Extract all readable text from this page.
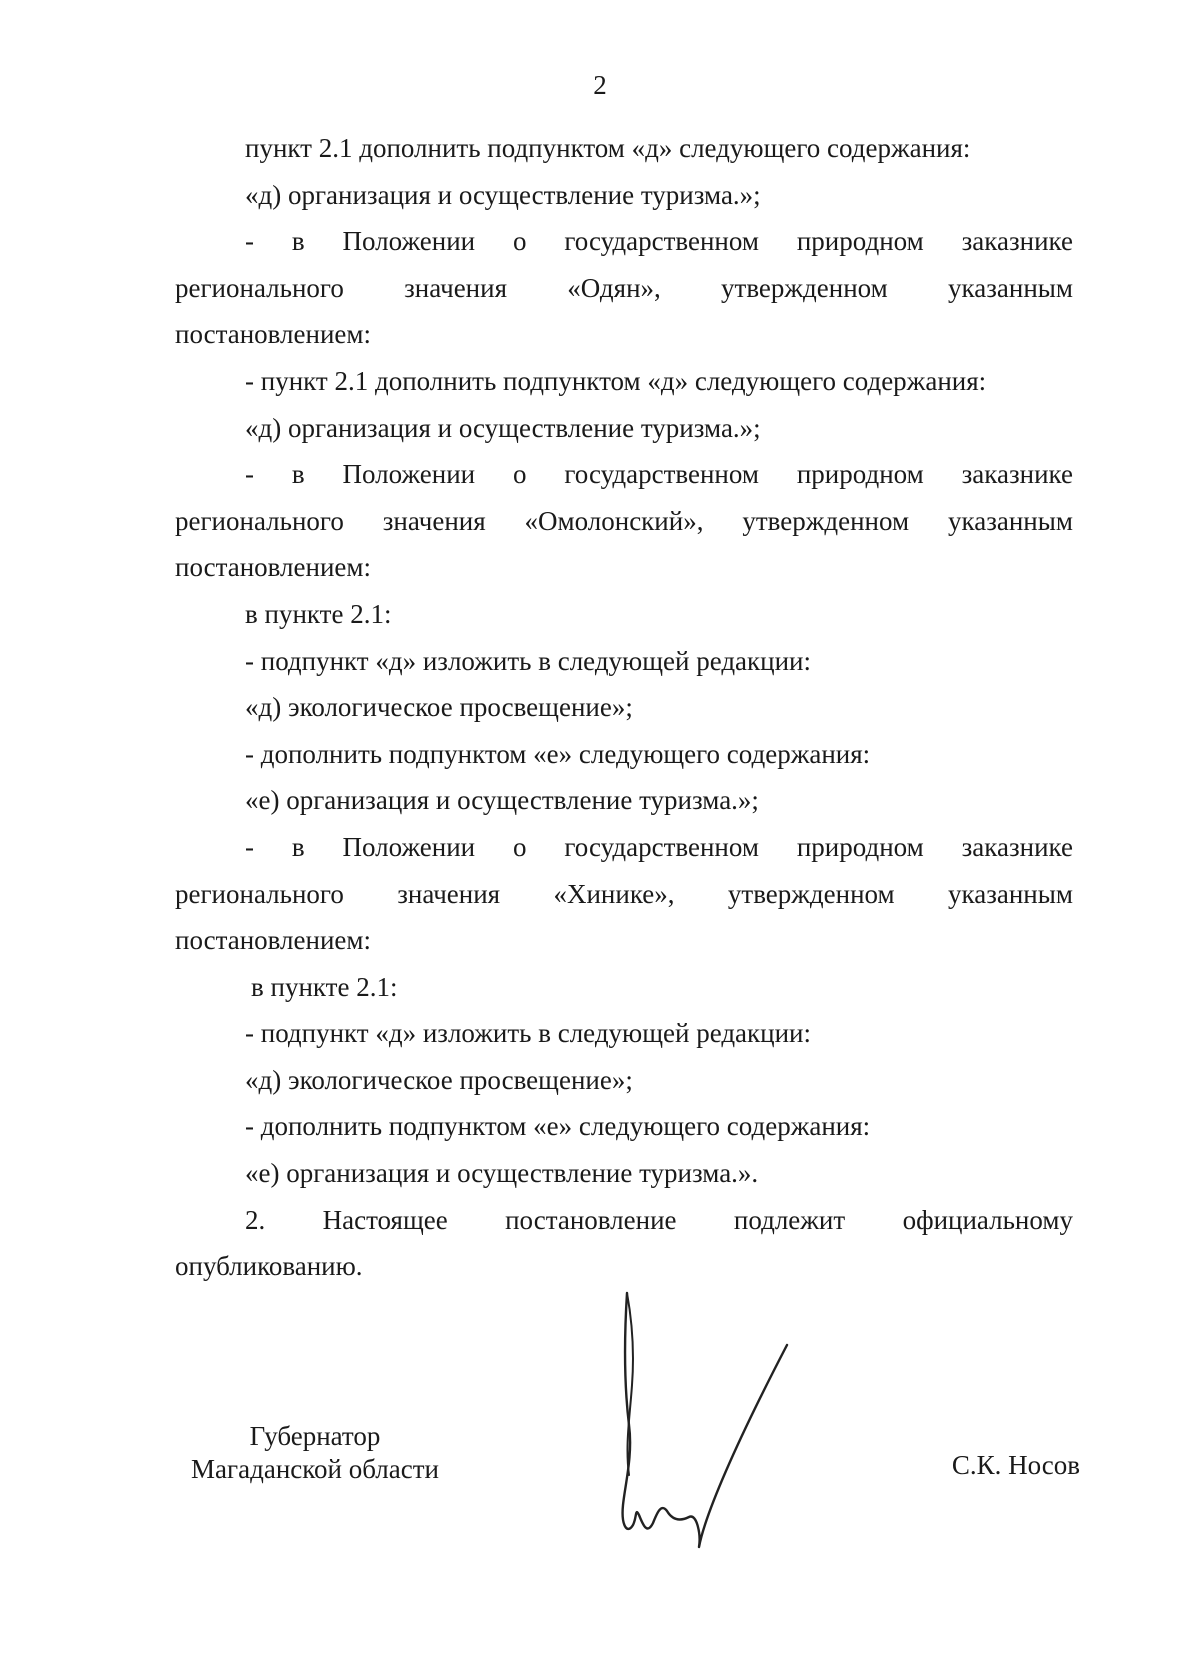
2
пункт 2.1 дополнить подпунктом «д» следующего содержания:
«д) организация и осуществление туризма.»;
- в Положении о государственном природном заказнике
регионального значения «Одян», утвержденном указанным
постановлением:
- пункт 2.1 дополнить подпунктом «д» следующего содержания:
«д) организация и осуществление туризма.»;
- в Положении о государственном природном заказнике
регионального значения «Омолонский», утвержденном указанным
постановлением:
в пункте 2.1:
- подпункт «д» изложить в следующей редакции:
«д) экологическое просвещение»;
- дополнить подпунктом «е» следующего содержания:
«е) организация и осуществление туризма.»;
- в Положении о государственном природном заказнике
регионального значения «Хинике», утвержденном указанным
постановлением:
в пункте 2.1:
- подпункт «д» изложить в следующей редакции:
«д) экологическое просвещение»;
- дополнить подпунктом «е» следующего содержания:
«е) организация и осуществление туризма.».
2. Настоящее постановление подлежит официальному
опубликованию.
Губернатор
Магаданской области	С.К. Носов
